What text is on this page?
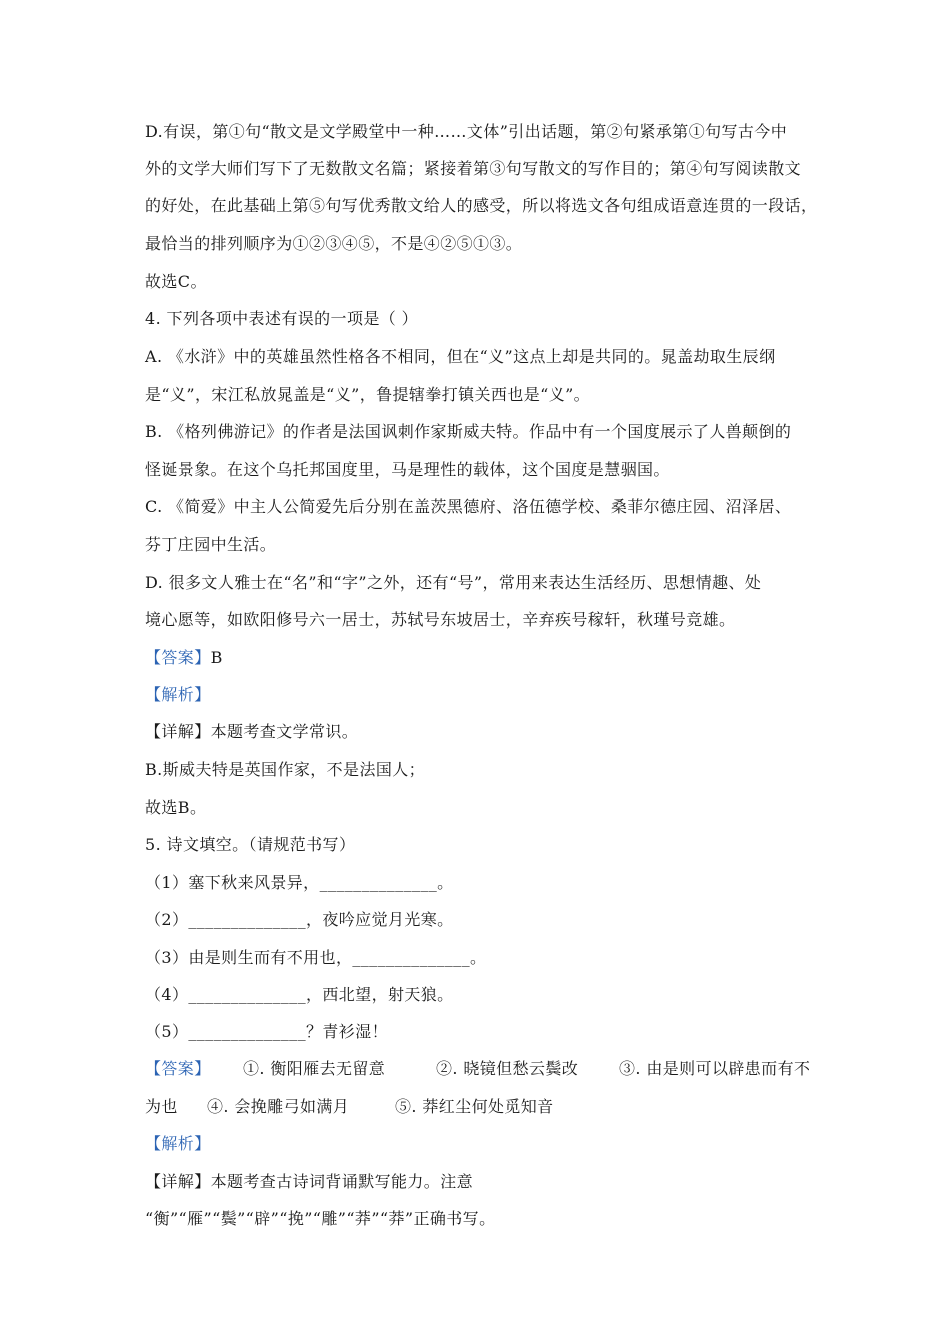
D.有误，第①句“散文是文学殿堂中一种……文体”引出话题，第②句紧承第①句写古今中
外的文学大师们写下了无数散文名篇；紧接着第③句写散文的写作目的；第④句写阅读散文
的好处，在此基础上第⑤句写优秀散文给人的感受，所以将选文各句组成语意连贯的一段话，
最恰当的排列顺序为①②③④⑤，不是④②⑤①③。
故选C。
4. 下列各项中表述有误的一项是（ ）
A. 《水浒》中的英雄虽然性格各不相同，但在“义”这点上却是共同的。晁盖劫取生辰纲
是“义”，宋江私放晁盖是“义”，鲁提辖拳打镇关西也是“义”。
B. 《格列佛游记》的作者是法国讽刺作家斯威夫特。作品中有一个国度展示了人兽颠倒的
怪诞景象。在这个乌托邦国度里，马是理性的载体，这个国度是慧骃国。
C. 《简爱》中主人公简爱先后分别在盖茨黑德府、洛伍德学校、桑菲尔德庄园、沼泽居、
芬丁庄园中生活。
D. 很多文人雅士在“名”和“字”之外，还有“号”，常用来表达生活经历、思想情趣、处
境心愿等，如欧阳修号六一居士，苏轼号东坡居士，辛弃疾号稼轩，秋瑾号竞雄。
【答案】B
【解析】
【详解】本题考查文学常识。
B.斯威夫特是英国作家，不是法国人；
故选B。
5. 诗文填空。（请规范书写）
（1）塞下秋来风景异，______________。
（2）______________，夜吟应觉月光寒。
（3）由是则生而有不用也，______________。
（4）______________，西北望，射天狼。
（5）______________？青衫湿！
【答案】 ①. 衡阳雁去无留意	②. 晓镜但愁云鬓改	③. 由是则可以辟患而有不
为也 ④. 会挽雕弓如满月	⑤. 莽红尘何处觅知音
【解析】
【详解】本题考查古诗词背诵默写能力。注意
“衡”“雁”“鬓”“辟”“挽”“雕”“莽”“莽”正确书写。
